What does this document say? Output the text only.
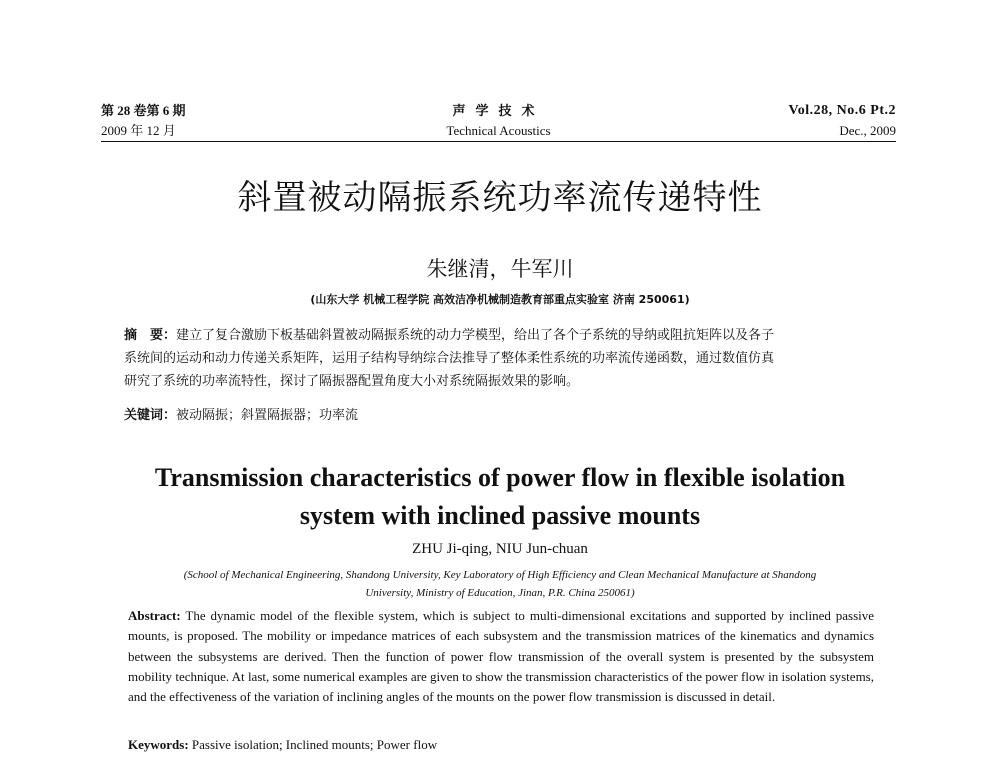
第 28 卷第 6 期
2009 年 12 月
声学技术
Technical Acoustics
Vol.28, No.6 Pt.2
Dec., 2009
斜置被动隔振系统功率流传递特性
朱继清，牛军川
(山东大学 机械工程学院 高效洁净机械制造教育部重点实验室 济南 250061)
摘　要：建立了复合激励下板基础斜置被动隔振系统的动力学模型，给出了各个子系统的导纳或阻抗矩阵以及各子
系统间的运动和动力传递关系矩阵，运用子结构导纳综合法推导了整体柔性系统的功率流传递函数，通过数值仿真
研究了系统的功率流特性，探讨了隔振器配置角度大小对系统隔振效果的影响。
关键词：被动隔振；斜置隔振器；功率流
Transmission characteristics of power flow in flexible isolation
system with inclined passive mounts
ZHU Ji-qing, NIU Jun-chuan
(School of Mechanical Engineering, Shandong University, Key Laboratory of High Efficiency and Clean Mechanical Manufacture at Shandong
University, Ministry of Education, Jinan, P.R. China 250061)
Abstract: The dynamic model of the flexible system, which is subject to multi-dimensional excitations and supported by inclined passive mounts, is proposed. The mobility or impedance matrices of each subsystem and the transmission matrices of the kinematics and dynamics between the subsystems are derived. Then the function of power flow transmission of the overall system is presented by the subsystem mobility technique. At last, some numerical examples are given to show the transmission characteristics of the power flow in isolation systems, and the effectiveness of the variation of inclining angles of the mounts on the power flow transmission is discussed in detail.
Keywords: Passive isolation; Inclined mounts; Power flow
